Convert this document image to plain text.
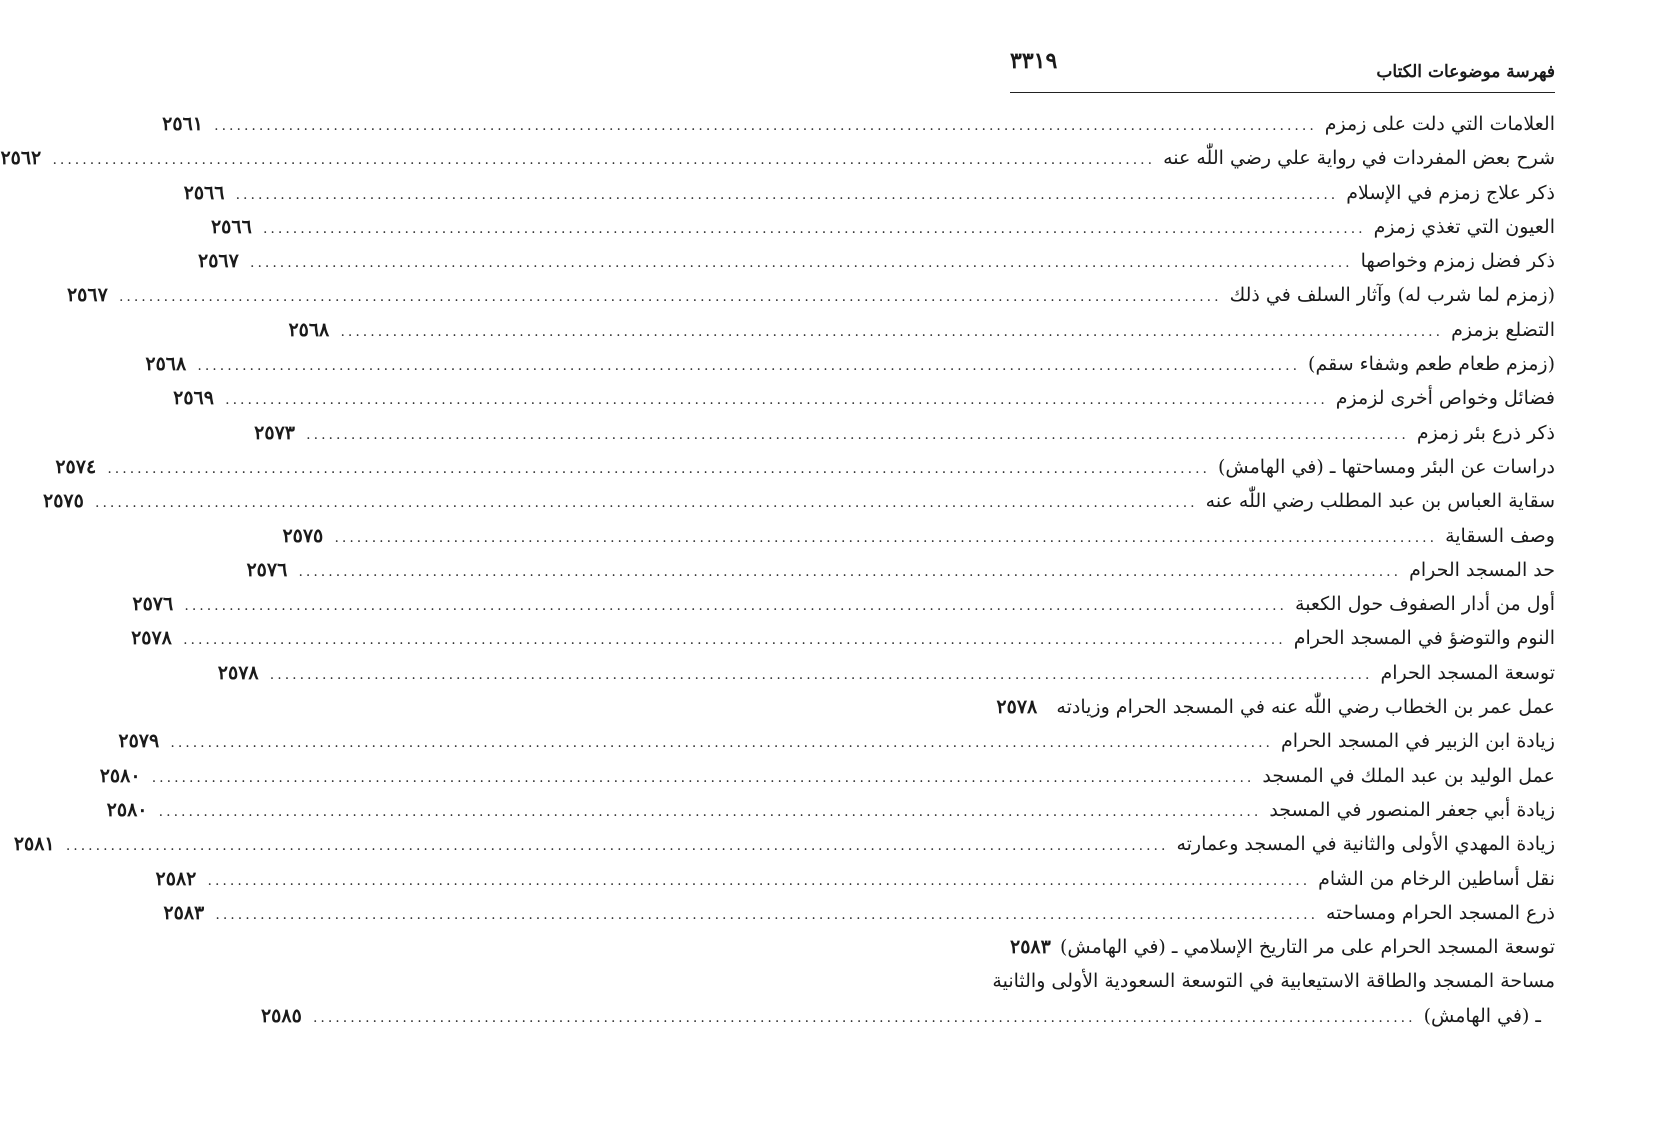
فهرسة موضوعات الكتاب
٣٣١٩
العلامات التي دلت على زمزم
.....
٢٥٦١
شرح بعض المفردات في رواية علي رضي اللّٰه عنه
.....
٢٥٦٢
ذكر علاج زمزم في الإسلام
.....
٢٥٦٦
العيون التي تغذي زمزم
.....
٢٥٦٦
ذكر فضل زمزم وخواصها
.....
٢٥٦٧
(زمزم لما شرب له) وآثار السلف في ذلك
.....
٢٥٦٧
التضلع بزمزم
.....
٢٥٦٨
(زمزم طعام طعم وشفاء سقم)
.....
٢٥٦٨
فضائل وخواص أخرى لزمزم
.....
٢٥٦٩
ذكر ذرع بئر زمزم
.....
٢٥٧٣
دراسات عن البئر ومساحتها ـ (في الهامش)
.....
٢٥٧٤
سقاية العباس بن عبد المطلب رضي اللّٰه عنه
.....
٢٥٧٥
وصف السقاية
.....
٢٥٧٥
حد المسجد الحرام
.....
٢٥٧٦
أول من أدار الصفوف حول الكعبة
.....
٢٥٧٦
النوم والتوضؤ في المسجد الحرام
.....
٢٥٧٨
توسعة المسجد الحرام
.....
٢٥٧٨
عمل عمر بن الخطاب رضي اللّٰه عنه في المسجد الحرام وزيادته
٢٥٧٨
زيادة ابن الزبير في المسجد الحرام
.....
٢٥٧٩
عمل الوليد بن عبد الملك في المسجد
.....
٢٥٨٠
زيادة أبي جعفر المنصور في المسجد
.....
٢٥٨٠
زيادة المهدي الأولى والثانية في المسجد وعمارته
.....
٢٥٨١
نقل أساطين الرخام من الشام
.....
٢٥٨٢
ذرع المسجد الحرام ومساحته
.....
٢٥٨٣
توسعة المسجد الحرام على مر التاريخ الإسلامي ـ (في الهامش)
٢٥٨٣
مساحة المسجد والطاقة الاستيعابية في التوسعة السعودية الأولى والثانية
ـ (في الهامش)
.....
٢٥٨٥
